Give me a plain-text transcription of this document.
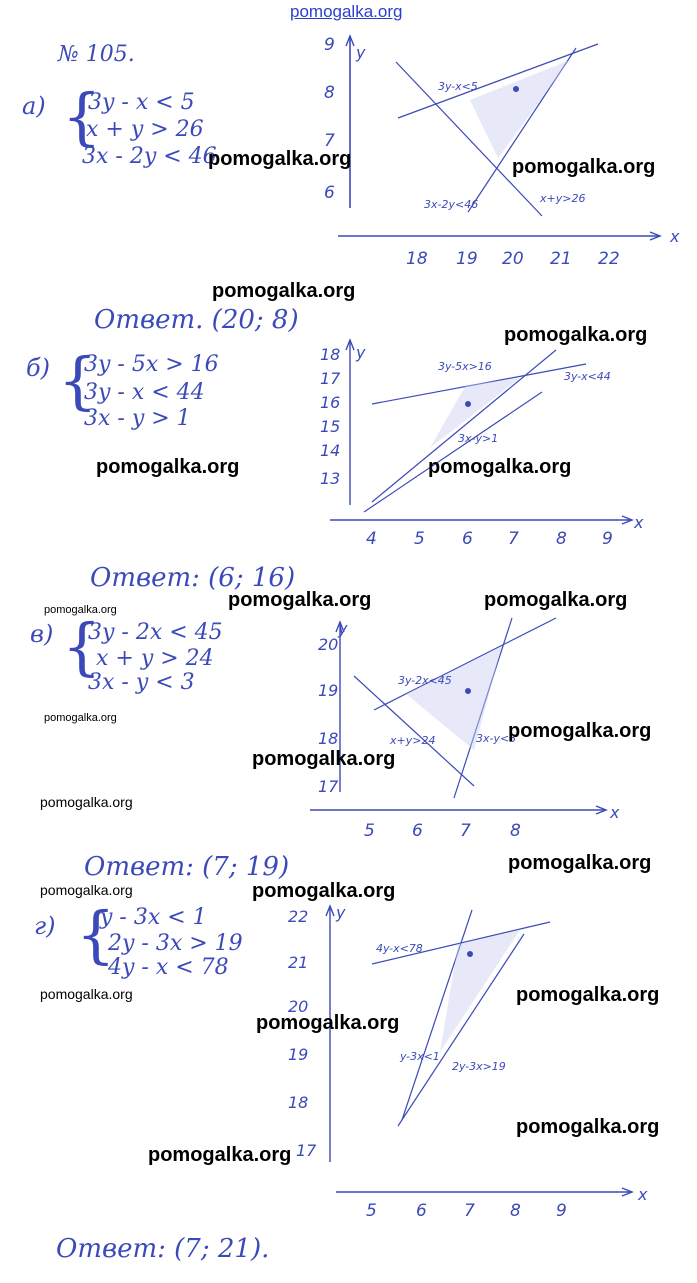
pomogalka.org
№ 105.
а) {
3y - x < 5
x + y > 26
3x - 2y < 46
Ответ. (20; 8)
x
y
18 19 20 21 22
9
8
7
6
3y-x<5
3x-2y<46	x+y>26
б) {
3y - 5x > 16
3y - x < 44
3x - y > 1
Ответ: (6; 16)
x
y
4 5 6 7 8 9
18
17
16
15
14
13
3y-5x>16
3y-x<44
3x-y>1
в) {
3y - 2x < 45
x + y > 24
3x - y < 3
Ответ: (7; 19)
x
y
5 6 7 8
20
19
18
17
3y-2x<45
x+y>24	3x-y<3
г) {
y - 3x < 1
2y - 3x > 19
4y - x < 78
Ответ: (7; 21).
x
y
5 6 7 8 9
22
21
20
19
18
17
4y-x<78
y-3x<1
2y-3x>19
pomogalka.org	pomogalka.org
pomogalka.org
pomogalka.org
pomogalka.org	pomogalka.org
pomogalka.org	pomogalka.org
pomogalka.org
pomogalka.org
pomogalka.org
pomogalka.org
pomogalka.org
pomogalka.org
pomogalka.org	pomogalka.org
pomogalka.org	pomogalka.org
pomogalka.org
pomogalka.org
pomogalka.org
